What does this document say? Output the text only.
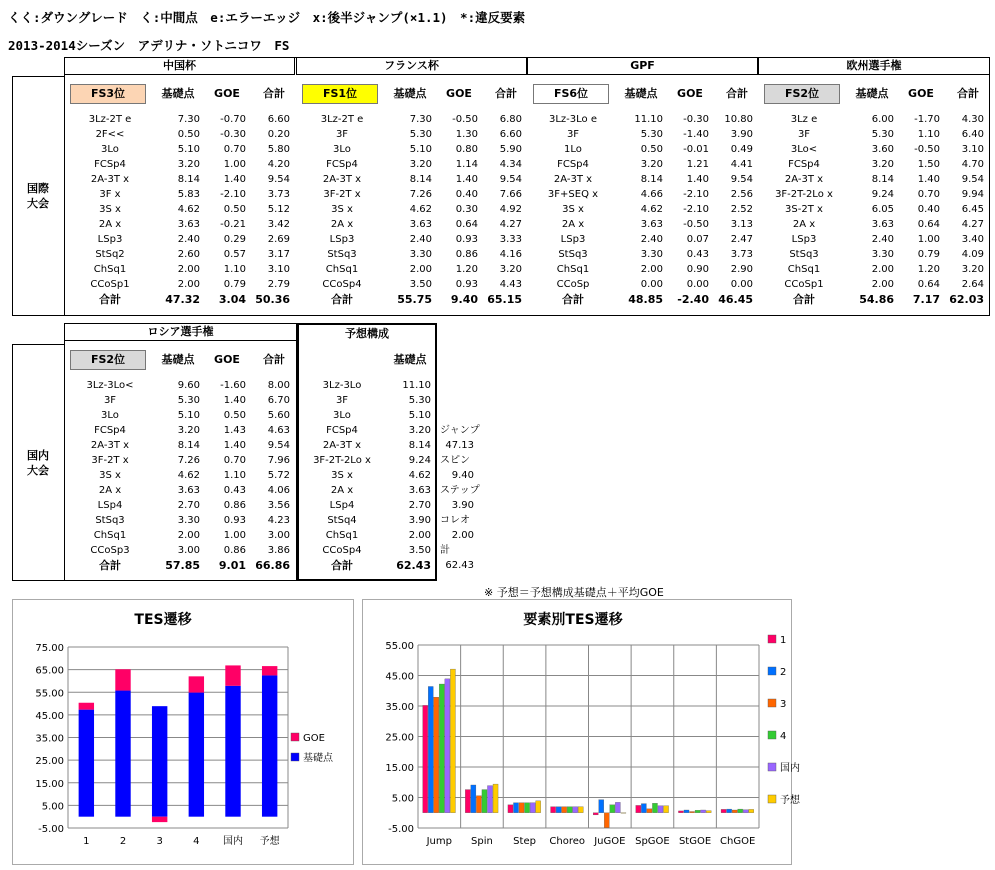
くく:ダウングレード　く:中間点　e:エラーエッジ　x:後半ジャンプ(×1.1)　*:違反要素
2013-2014シーズン　アデリナ・ソトニコワ　FS
国際
大会
中国杯
FS3位	基礎点	GOE	合計
3Lz-2T e	7.30	-0.70	6.60
2F<<	0.50	-0.30	0.20
3Lo	5.10	0.70	5.80
FCSp4	3.20	1.00	4.20
2A-3T x	8.14	1.40	9.54
3F x	5.83	-2.10	3.73
3S x	4.62	0.50	5.12
2A x	3.63	-0.21	3.42
LSp3	2.40	0.29	2.69
StSq2	2.60	0.57	3.17
ChSq1	2.00	1.10	3.10
CCoSp1	2.00	0.79	2.79
合計	47.32	3.04 50.36
フランス杯
FS1位	基礎点	GOE	合計
3Lz-2T e	7.30	-0.50	6.80
3F	5.30	1.30	6.60
3Lo	5.10	0.80	5.90
FCSp4	3.20	1.14	4.34
2A-3T x	8.14	1.40	9.54
3F-2T x	7.26	0.40	7.66
3S x	4.62	0.30	4.92
2A x	3.63	0.64	4.27
LSp3	2.40	0.93	3.33
StSq3	3.30	0.86	4.16
ChSq1	2.00	1.20	3.20
CCoSp4	3.50	0.93	4.43
合計	55.75	9.40 65.15
GPF
FS6位	基礎点	GOE	合計
3Lz-3Lo e	11.10	-0.30	10.80
3F	5.30	-1.40	3.90
1Lo	0.50	-0.01	0.49
FCSp4	3.20	1.21	4.41
2A-3T x	8.14	1.40	9.54
3F+SEQ x	4.66	-2.10	2.56
3S x	4.62	-2.10	2.52
2A x	3.63	-0.50	3.13
LSp3	2.40	0.07	2.47
StSq3	3.30	0.43	3.73
ChSq1	2.00	0.90	2.90
CCoSp	0.00	0.00	0.00
合計	48.85	-2.40 46.45
欧州選手権
FS2位	基礎点	GOE	合計
3Lz e	6.00	-1.70	4.30
3F	5.30	1.10	6.40
3Lo<	3.60	-0.50	3.10
FCSp4	3.20	1.50	4.70
2A-3T x	8.14	1.40	9.54
3F-2T-2Lo x	9.24	0.70	9.94
3S-2T x	6.05	0.40	6.45
2A x	3.63	0.64	4.27
LSp3	2.40	1.00	3.40
StSq3	3.30	0.79	4.09
ChSq1	2.00	1.20	3.20
CCoSp1	2.00	0.64	2.64
合計	54.86	7.17 62.03
国内
大会
ロシア選手権
FS2位	基礎点	GOE	合計
3Lz-3Lo<	9.60	-1.60	8.00
3F	5.30	1.40	6.70
3Lo	5.10	0.50	5.60
FCSp4	3.20	1.43	4.63
2A-3T x	8.14	1.40	9.54
3F-2T x	7.26	0.70	7.96
3S x	4.62	1.10	5.72
2A x	3.63	0.43	4.06
LSp4	2.70	0.86	3.56
StSq3	3.30	0.93	4.23
ChSq1	2.00	1.00	3.00
CCoSp3	3.00	0.86	3.86
合計	57.85	9.01 66.86
予想構成
基礎点
3Lz-3Lo	11.10
3F	5.30
3Lo	5.10
FCSp4	3.20
2A-3T x	8.14
3F-2T-2Lo x	9.24
3S x	4.62
2A x	3.63
LSp4	2.70
StSq4	3.90
ChSq1	2.00
CCoSp4	3.50
合計	62.43
ジャンプ
47.13
スピン
9.40
ステップ
3.90
コレオ
2.00
計
62.43
※ 予想＝予想構成基礎点＋平均GOE
TES遷移
-5.00
5.00
15.00
25.00
35.00
45.00
55.00
65.00
75.00
1	2	3	4 国内 予想
GOE
基礎点
要素別TES遷移
-5.00
5.00
15.00
25.00
35.00
45.00
55.00
Jump Spin Step Choreo JuGOE SpGOE StGOE ChGOE
1
2
3
4
国内
予想
